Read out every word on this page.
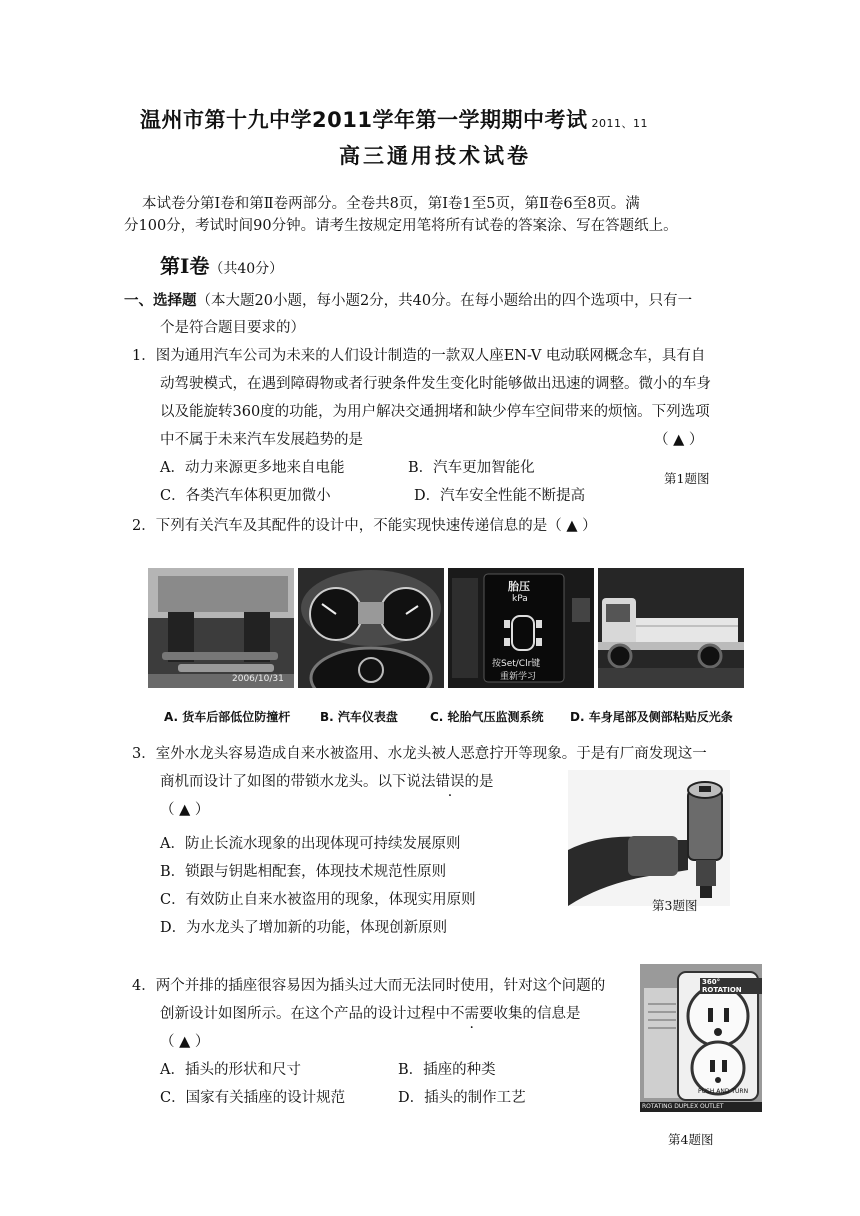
温州市第十九中学2011学年第一学期期中考试 2011、11
高三通用技术试卷
本试卷分第Ⅰ卷和第Ⅱ卷两部分。全卷共8页，第Ⅰ卷1至5页，第Ⅱ卷6至8页。满
分100分，考试时间90分钟。请考生按规定用笔将所有试卷的答案涂、写在答题纸上。
第Ⅰ卷（共40分）
一、选择题（本大题20小题，每小题2分，共40分。在每小题给出的四个选项中，只有一
个是符合题目要求的）
1．图为通用汽车公司为未来的人们设计制造的一款双人座EN-V 电动联网概念车，具有自
动驾驶模式，在遇到障碍物或者行驶条件发生变化时能够做出迅速的调整。微小的车身
以及能旋转360度的功能，为用户解决交通拥堵和缺少停车空间带来的烦恼。下列选项
中不属于未来汽车发展趋势的是	（ ▲ ）
A．动力来源更多地来自电能	B．汽车更加智能化
第1题图
C．各类汽车体积更加微小	D．汽车安全性能不断提高
2．下列有关汽车及其配件的设计中，不能实现快速传递信息的是（ ▲ ）
2006/10/31
胎压
kPa
按Set/Clr键
重新学习
A. 货车后部低位防撞杆 B. 汽车仪表盘	C. 轮胎气压监测系统 D. 车身尾部及侧部粘贴反光条
3．室外水龙头容易造成自来水被盗用、水龙头被人恶意拧开等现象。于是有厂商发现这一
商机而设计了如图的带锁水龙头。以下说法错误的是
（ ▲ ）
A．防止长流水现象的出现体现可持续发展原则
B．锁跟与钥匙相配套，体现技术规范性原则
C．有效防止自来水被盗用的现象，体现实用原则
D．为水龙头了增加新的功能，体现创新原则
第3题图
4．两个并排的插座很容易因为插头过大而无法同时使用，针对这个问题的
创新设计如图所示。在这个产品的设计过程中不需要收集的信息是
（ ▲ ）
A．插头的形状和尺寸	B．插座的种类
C．国家有关插座的设计规范	D．插头的制作工艺
360° ROTATION
PUSH AND TURN
ROTATING DUPLEX OUTLET
第4题图
